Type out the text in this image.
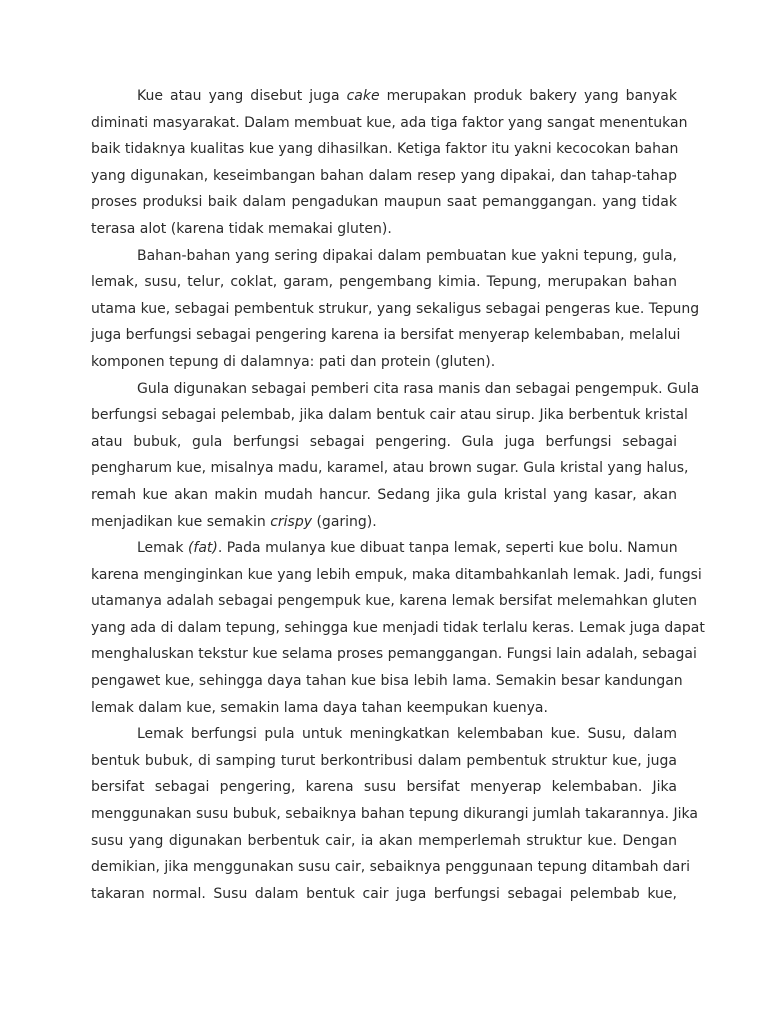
Kue atau yang disebut juga cake merupakan produk bakery yang banyak
diminati masyarakat. Dalam membuat kue, ada tiga faktor yang sangat menentukan
baik tidaknya kualitas kue yang dihasilkan. Ketiga faktor itu yakni kecocokan bahan
yang digunakan, keseimbangan bahan dalam resep yang dipakai, dan tahap-tahap
proses produksi baik dalam pengadukan maupun saat pemanggangan. yang tidak
terasa alot (karena tidak memakai gluten).
Bahan-bahan yang sering dipakai dalam pembuatan kue yakni tepung, gula,
lemak, susu, telur, coklat, garam, pengembang kimia. Tepung, merupakan bahan
utama kue, sebagai pembentuk strukur, yang sekaligus sebagai pengeras kue. Tepung
juga berfungsi sebagai pengering karena ia bersifat menyerap kelembaban, melalui
komponen tepung di dalamnya: pati dan protein (gluten).
Gula digunakan sebagai pemberi cita rasa manis dan sebagai pengempuk. Gula
berfungsi sebagai pelembab, jika dalam bentuk cair atau sirup. Jika berbentuk kristal
atau bubuk, gula berfungsi sebagai pengering. Gula juga berfungsi sebagai
pengharum kue, misalnya madu, karamel, atau brown sugar. Gula kristal yang halus,
remah kue akan makin mudah hancur. Sedang jika gula kristal yang kasar, akan
menjadikan kue semakin crispy (garing).
Lemak (fat). Pada mulanya kue dibuat tanpa lemak, seperti kue bolu. Namun
karena menginginkan kue yang lebih empuk, maka ditambahkanlah lemak. Jadi, fungsi
utamanya adalah sebagai pengempuk kue, karena lemak bersifat melemahkan gluten
yang ada di dalam tepung, sehingga kue menjadi tidak terlalu keras. Lemak juga dapat
menghaluskan tekstur kue selama proses pemanggangan. Fungsi lain adalah, sebagai
pengawet kue, sehingga daya tahan kue bisa lebih lama. Semakin besar kandungan
lemak dalam kue, semakin lama daya tahan keempukan kuenya.
Lemak berfungsi pula untuk meningkatkan kelembaban kue. Susu, dalam
bentuk bubuk, di samping turut berkontribusi dalam pembentuk struktur kue, juga
bersifat sebagai pengering, karena susu bersifat menyerap kelembaban. Jika
menggunakan susu bubuk, sebaiknya bahan tepung dikurangi jumlah takarannya. Jika
susu yang digunakan berbentuk cair, ia akan memperlemah struktur kue. Dengan
demikian, jika menggunakan susu cair, sebaiknya penggunaan tepung ditambah dari
takaran normal. Susu dalam bentuk cair juga berfungsi sebagai pelembab kue,
